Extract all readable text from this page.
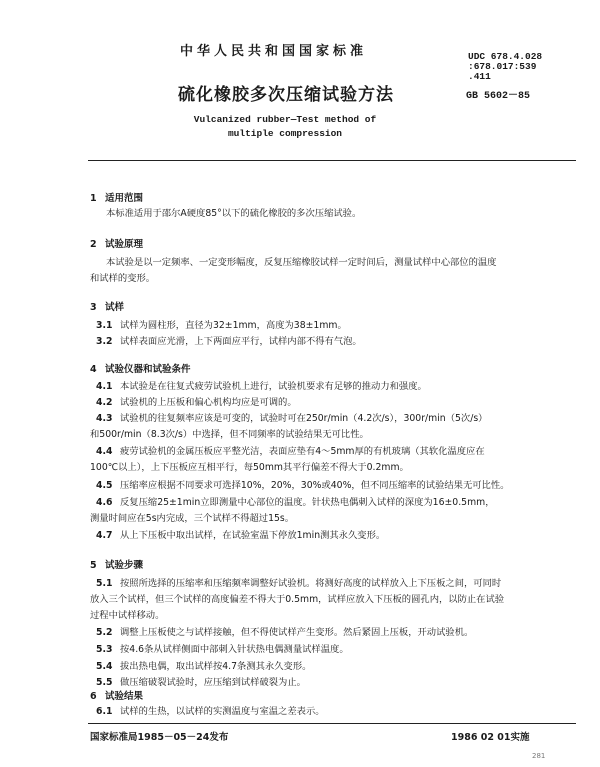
中华人民共和国国家标准	UDC 678.4.028
:678.017:539
.411
硫化橡胶多次压缩试验方法	GB 5602－85
Vulcanized rubber—Test method of
multiple compression
1 适用范围
本标准适用于邵尔A硬度85°以下的硫化橡胶的多次压缩试验。
2 试验原理
本试验是以一定频率、一定变形幅度，反复压缩橡胶试样一定时间后，测量试样中心部位的温度
和试样的变形。
3 试样
3.1 试样为圆柱形，直径为32±1mm，高度为38±1mm。
3.2 试样表面应光滑，上下两面应平行，试样内部不得有气泡。
4 试验仪器和试验条件
4.1 本试验是在往复式疲劳试验机上进行，试验机要求有足够的推动力和强度。
4.2 试验机的上压板和偏心机构均应是可调的。
4.3 试验机的往复频率应该是可变的，试验时可在250r/min（4.2次/s），300r/min（5次/s）
和500r/min（8.3次/s）中选择，但不同频率的试验结果无可比性。
4.4 疲劳试验机的金属压板应平整光洁，表面应垫有4～5mm厚的有机玻璃（其软化温度应在
100℃以上），上下压板应互相平行，每50mm其平行偏差不得大于0.2mm。
4.5 压缩率应根据不同要求可选择10%，20%，30%或40%，但不同压缩率的试验结果无可比性。
4.6 反复压缩25±1min立即测量中心部位的温度。针状热电偶刺入试样的深度为16±0.5mm，
测量时间应在5s内完成，三个试样不得超过15s。
4.7 从上下压板中取出试样，在试验室温下停放1min测其永久变形。
5 试验步骤
5.1 按照所选择的压缩率和压缩频率调整好试验机。将测好高度的试样放入上下压板之间，可同时
放入三个试样，但三个试样的高度偏差不得大于0.5mm，试样应放入下压板的圆孔内，以防止在试验
过程中试样移动。
5.2 调整上压板使之与试样接触，但不得使试样产生变形。然后紧固上压板，开动试验机。
5.3 按4.6条从试样侧面中部刺入针状热电偶测量试样温度。
5.4 拔出热电偶，取出试样按4.7条测其永久变形。
5.5 做压缩破裂试验时，应压缩到试样破裂为止。
6 试验结果
6.1 试样的生热，以试样的实测温度与室温之差表示。
国家标准局1985－05－24发布	1986 02 01实施
281
